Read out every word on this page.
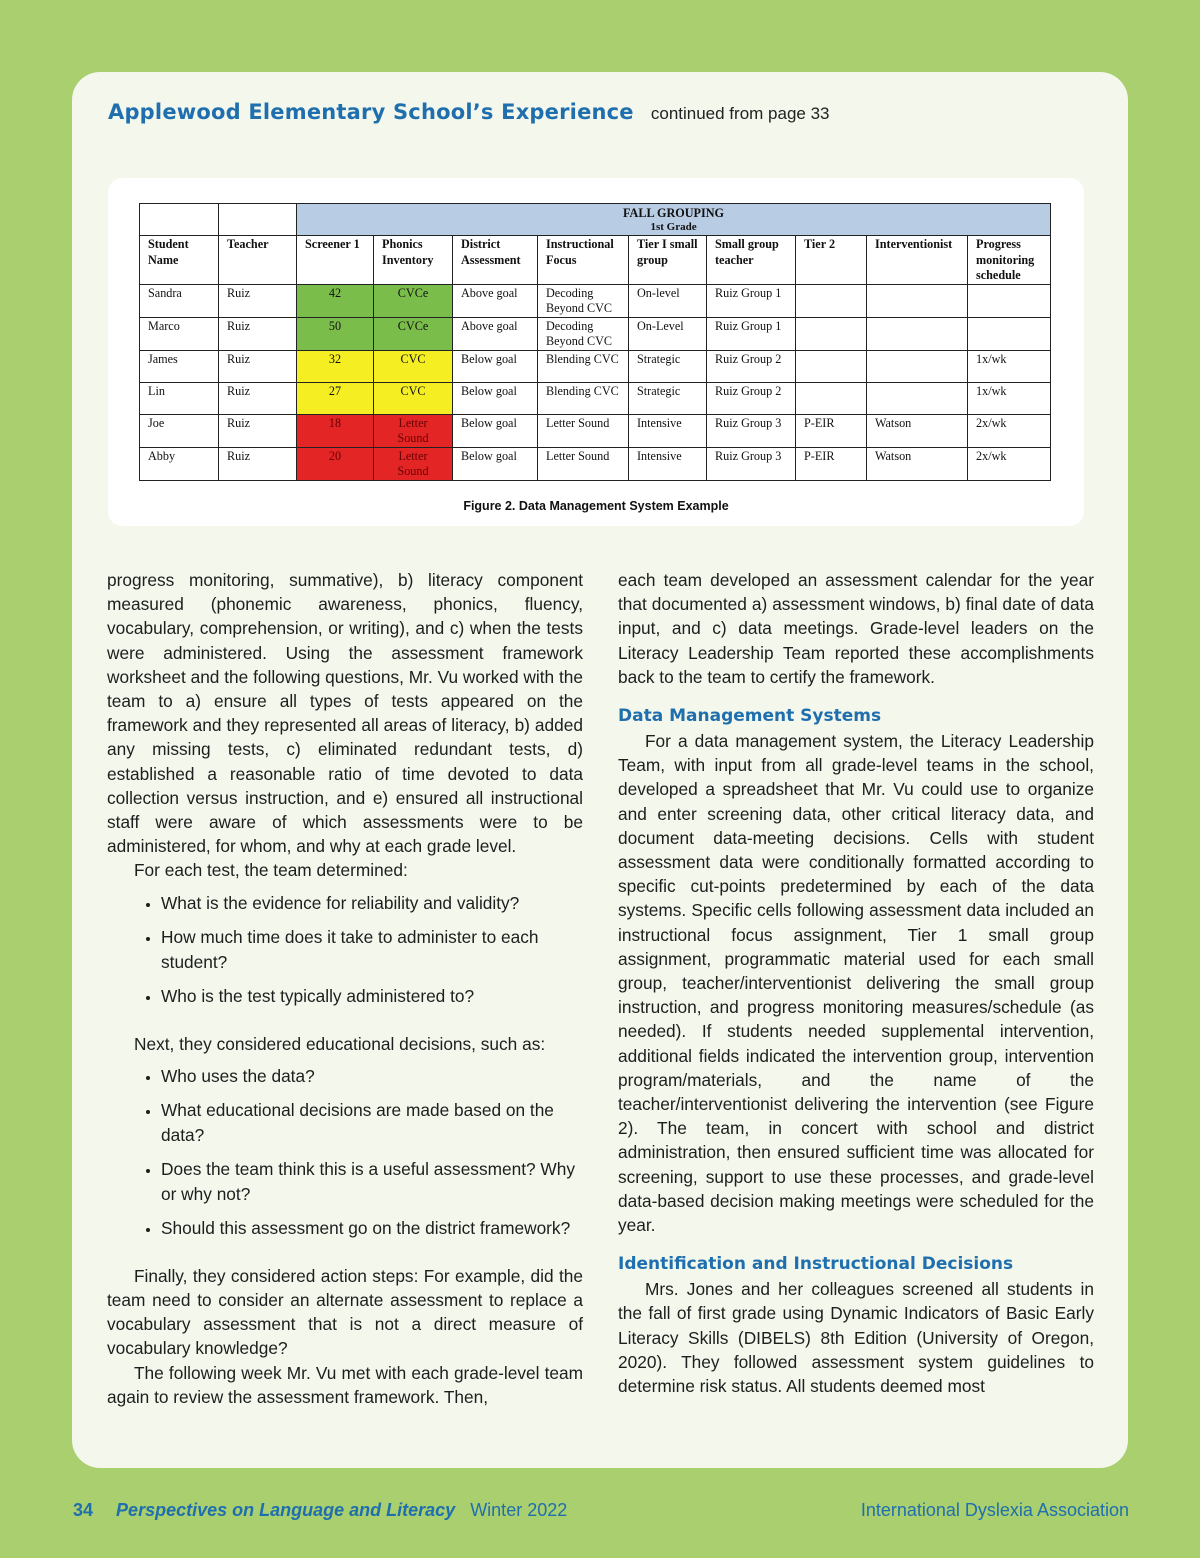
Applewood Elementary School’s Experience continued from page 33
		FALL GROUPING
1st Grade								

Student Name	Teacher	Screener 1	Phonics Inventory	District Assessment	Instructional Focus	Tier I small group	Small group teacher	Tier 2	Interventionist	Progress monitoring schedule
Sandra	Ruiz	42	CVCe	Above goal	Decoding Beyond CVC	On-level	Ruiz Group 1			
Marco	Ruiz	50	CVCe	Above goal	Decoding Beyond CVC	On-Level	Ruiz Group 1			
James	Ruiz	32	CVC	Below goal	Blending CVC	Strategic	Ruiz Group 2			1x/wk
Lin	Ruiz	27	CVC	Below goal	Blending CVC	Strategic	Ruiz Group 2			1x/wk
Joe	Ruiz	18	Letter Sound	Below goal	Letter Sound	Intensive	Ruiz Group 3	P-EIR	Watson	2x/wk
Abby	Ruiz	20	Letter Sound	Below goal	Letter Sound	Intensive	Ruiz Group 3	P-EIR	Watson	2x/wk
Figure 2. Data Management System Example

progress monitoring, summative), b) literacy component measured (phonemic awareness, phonics, fluency, vocabulary, comprehension, or writing), and c) when the tests were administered. Using the assessment framework worksheet and the following questions, Mr. Vu worked with the team to a) ensure all types of tests appeared on the framework and they represented all areas of literacy, b) added any missing tests, c) eliminated redundant tests, d) established a reasonable ratio of time devoted to data collection versus instruction, and e) ensured all instructional staff were aware of which assessments were to be administered, for whom, and why at each grade level.

For each test, the team determined:

• What is the evidence for reliability and validity?
• How much time does it take to administer to each student?
• Who is the test typically administered to?

Next, they considered educational decisions, such as:

• Who uses the data?
• What educational decisions are made based on the data?
• Does the team think this is a useful assessment? Why or why not?
• Should this assessment go on the district framework?

Finally, they considered action steps: For example, did the team need to consider an alternate assessment to replace a vocabulary assessment that is not a direct measure of vocabulary knowledge?

The following week Mr. Vu met with each grade-level team again to review the assessment framework. Then,

each team developed an assessment calendar for the year that documented a) assessment windows, b) final date of data input, and c) data meetings. Grade-level leaders on the Literacy Leadership Team reported these accomplishments back to the team to certify the framework.

Data Management Systems

For a data management system, the Literacy Leadership Team, with input from all grade-level teams in the school, developed a spreadsheet that Mr. Vu could use to organize and enter screening data, other critical literacy data, and document data-meeting decisions. Cells with student assessment data were conditionally formatted according to specific cut-points predetermined by each of the data systems. Specific cells following assessment data included an instructional focus assignment, Tier 1 small group assignment, programmatic material used for each small group, teacher/interventionist delivering the small group instruction, and progress monitoring measures/schedule (as needed). If students needed supplemental intervention, additional fields indicated the intervention group, intervention program/materials, and the name of the teacher/interventionist delivering the intervention (see Figure 2). The team, in concert with school and district administration, then ensured sufficient time was allocated for screening, support to use these processes, and grade-level data-based decision making meetings were scheduled for the year.

Identification and Instructional Decisions

Mrs. Jones and her colleagues screened all students in the fall of first grade using Dynamic Indicators of Basic Early Literacy Skills (DIBELS) 8th Edition (University of Oregon, 2020). They followed assessment system guidelines to determine risk status. All students deemed most

34 Perspectives on Language and Literacy Winter 2022	International Dyslexia Association
